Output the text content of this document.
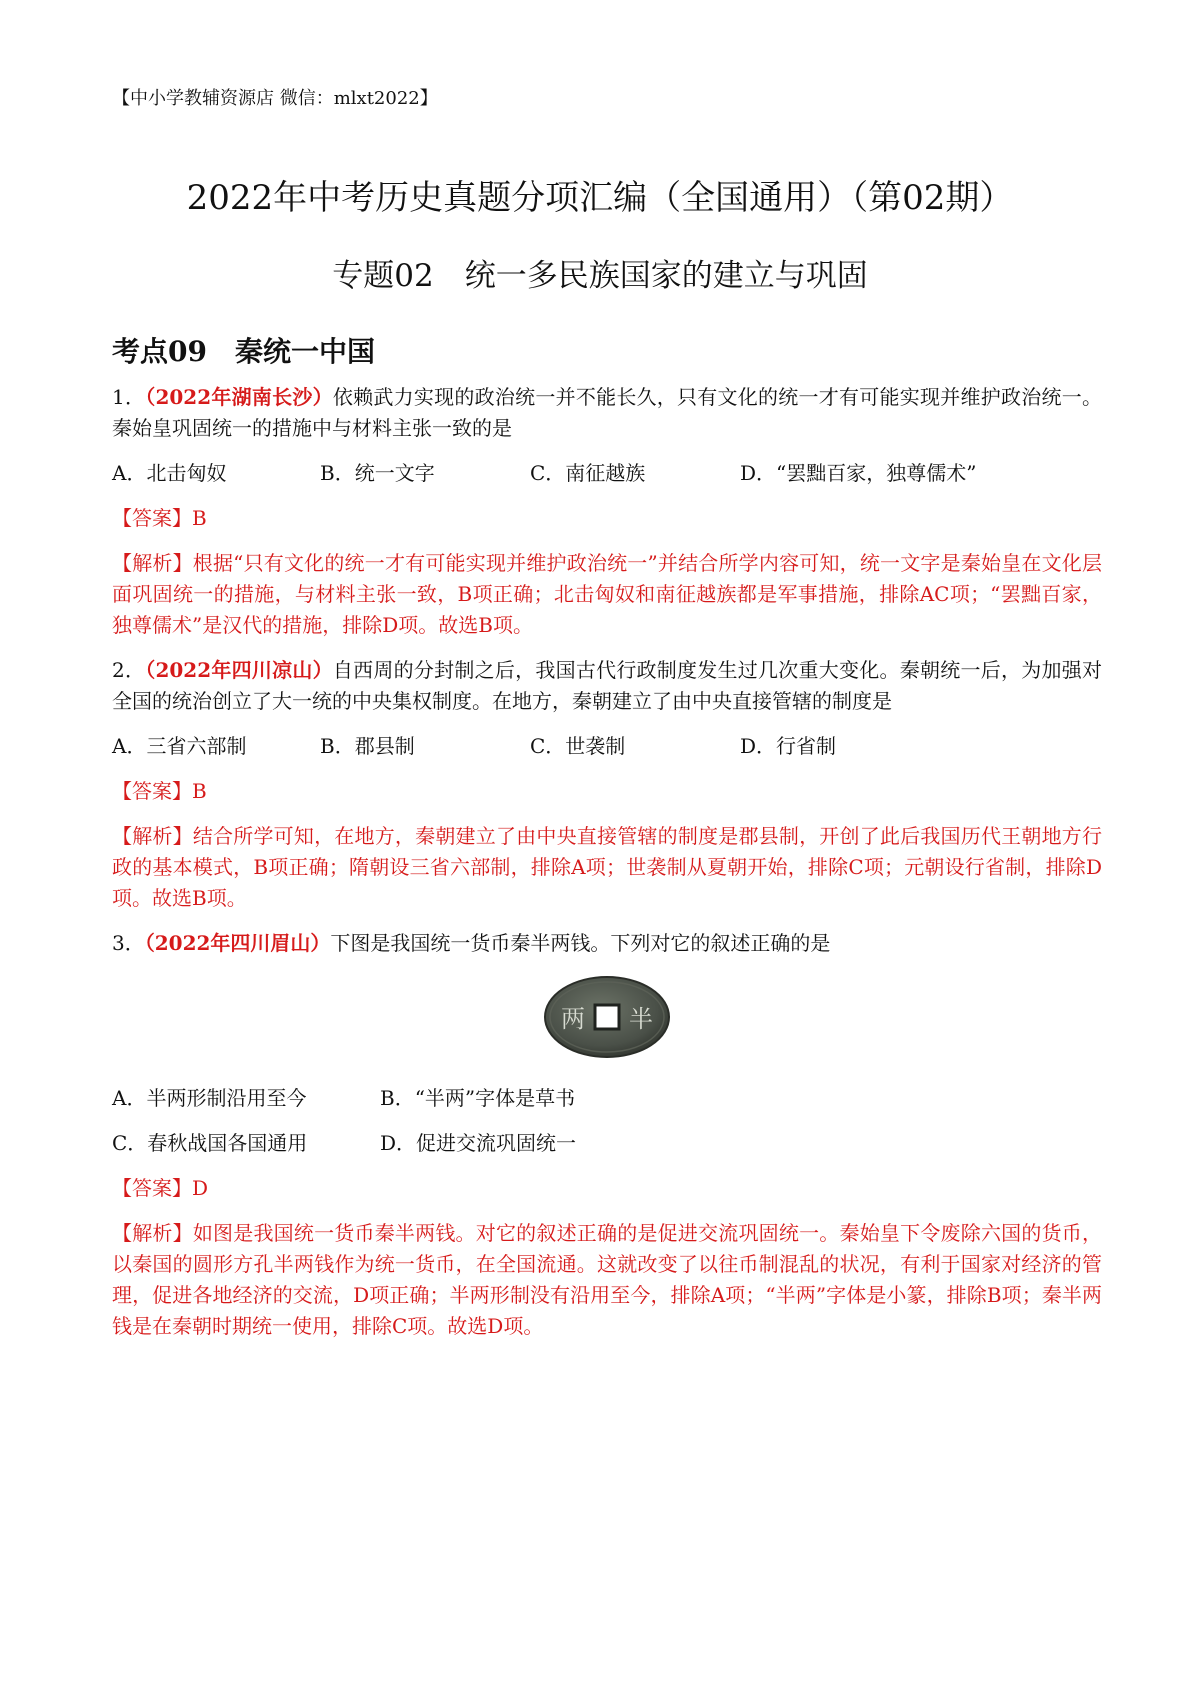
【中小学教辅资源店 微信：mlxt2022】
2022年中考历史真题分项汇编（全国通用）（第02期）
专题02　统一多民族国家的建立与巩固
考点09　秦统一中国

1．（2022年湖南长沙）依赖武力实现的政治统一并不能长久，只有文化的统一才有可能实现并维护政治统一。秦始皇巩固统一的措施中与材料主张一致的是

A．北击匈奴	B．统一文字	C．南征越族	D．“罢黜百家，独尊儒术”

【答案】B

【解析】根据“只有文化的统一才有可能实现并维护政治统一”并结合所学内容可知，统一文字是秦始皇在文化层面巩固统一的措施，与材料主张一致，B项正确；北击匈奴和南征越族都是军事措施，排除AC项；“罢黜百家，独尊儒术”是汉代的措施，排除D项。故选B项。

2．（2022年四川凉山）自西周的分封制之后，我国古代行政制度发生过几次重大变化。秦朝统一后，为加强对全国的统治创立了大一统的中央集权制度。在地方，秦朝建立了由中央直接管辖的制度是

A．三省六部制	B．郡县制	C．世袭制	D．行省制

【答案】B

【解析】结合所学可知，在地方，秦朝建立了由中央直接管辖的制度是郡县制，开创了此后我国历代王朝地方行政的基本模式，B项正确；隋朝设三省六部制，排除A项；世袭制从夏朝开始，排除C项；元朝设行省制，排除D项。故选B项。

3．（2022年四川眉山）下图是我国统一货币秦半两钱。下列对它的叙述正确的是

两 半
A．半两形制沿用至今	B．“半两”字体是草书
C．春秋战国各国通用	D．促进交流巩固统一

【答案】D

【解析】如图是我国统一货币秦半两钱。对它的叙述正确的是促进交流巩固统一。秦始皇下令废除六国的货币，以秦国的圆形方孔半两钱作为统一货币，在全国流通。这就改变了以往币制混乱的状况，有利于国家对经济的管理，促进各地经济的交流，D项正确；半两形制没有沿用至今，排除A项；“半两”字体是小篆，排除B项；秦半两钱是在秦朝时期统一使用，排除C项。故选D项。
